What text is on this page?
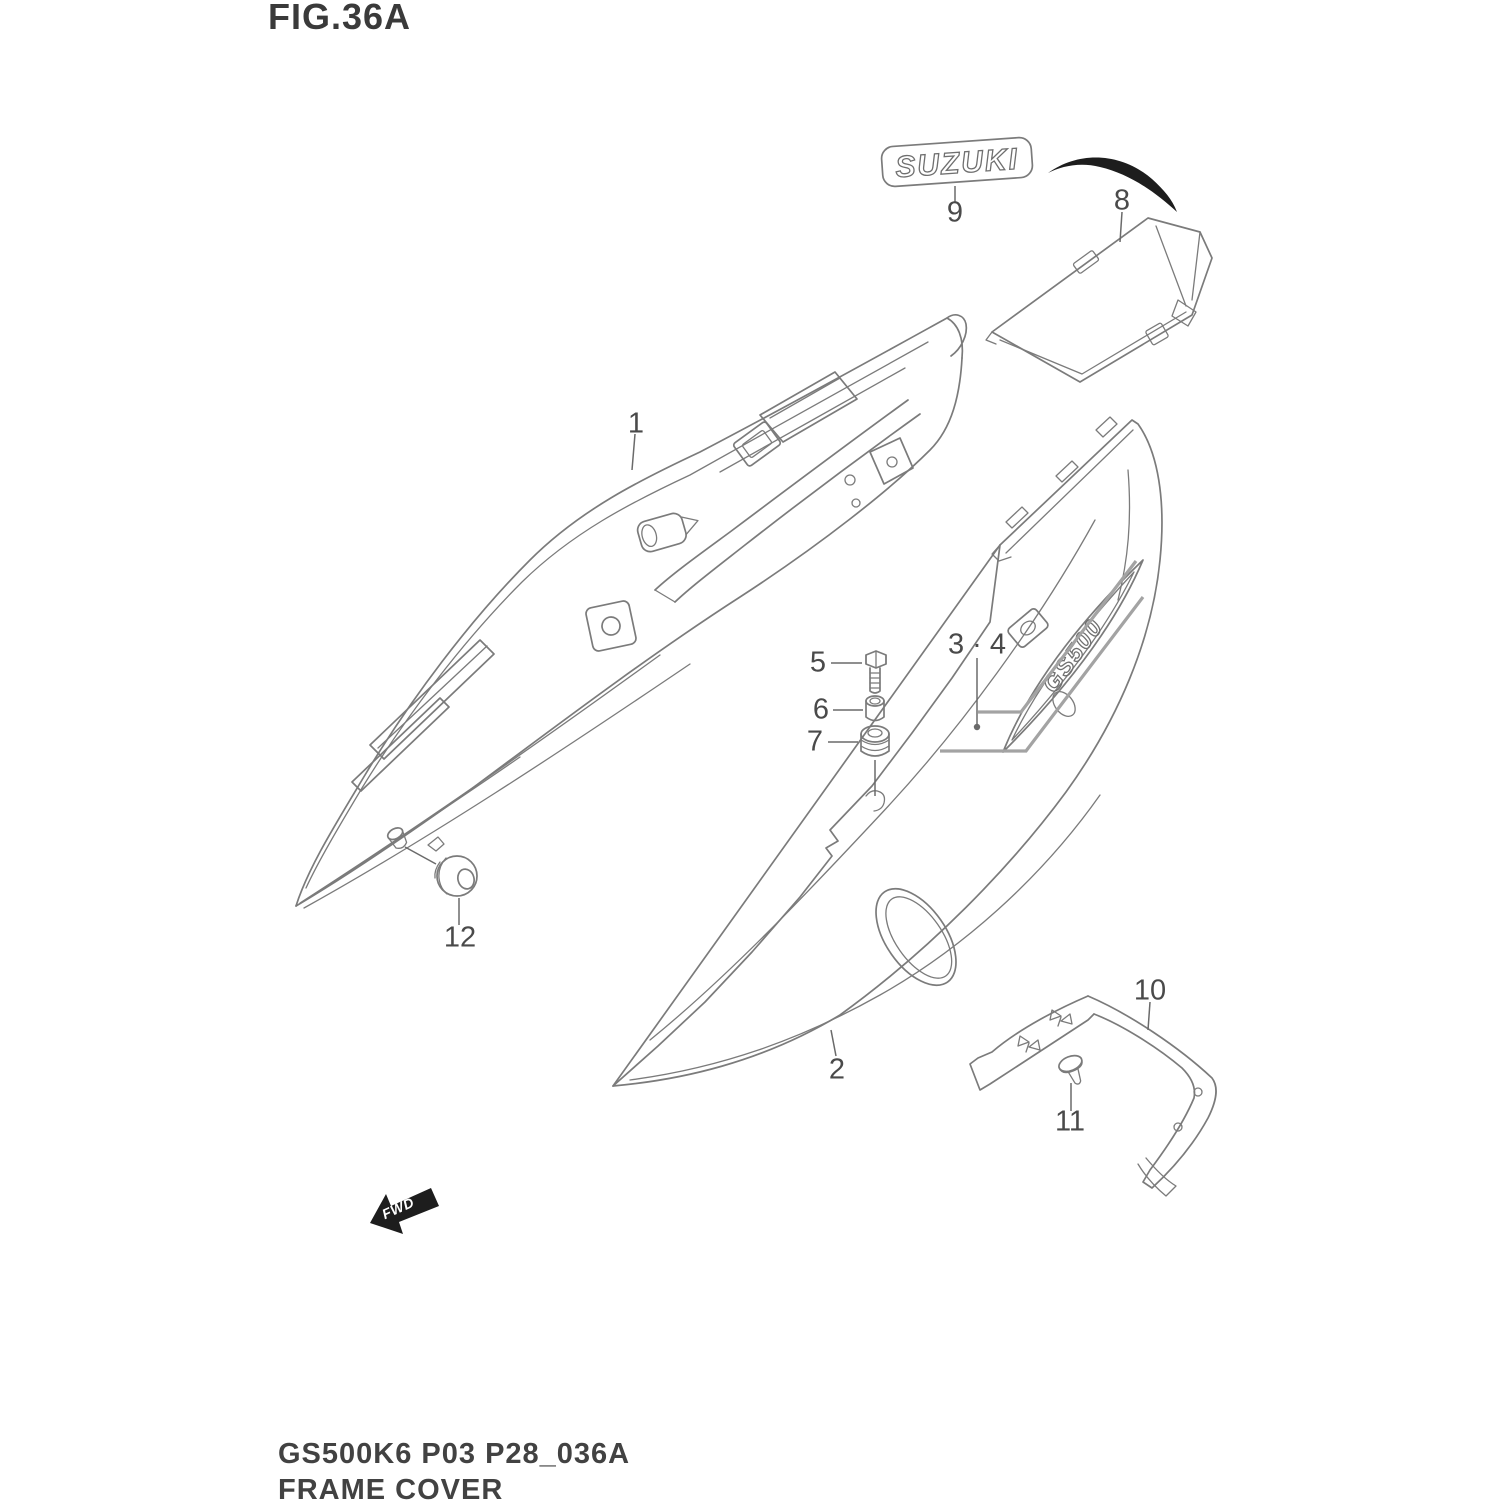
GS500
SUZUKI
FWD
FIG.36A
1
2
3 · 4
5
6
7
8
9
10
11
12
GS500K6 P03 P28_036A
FRAME COVER
